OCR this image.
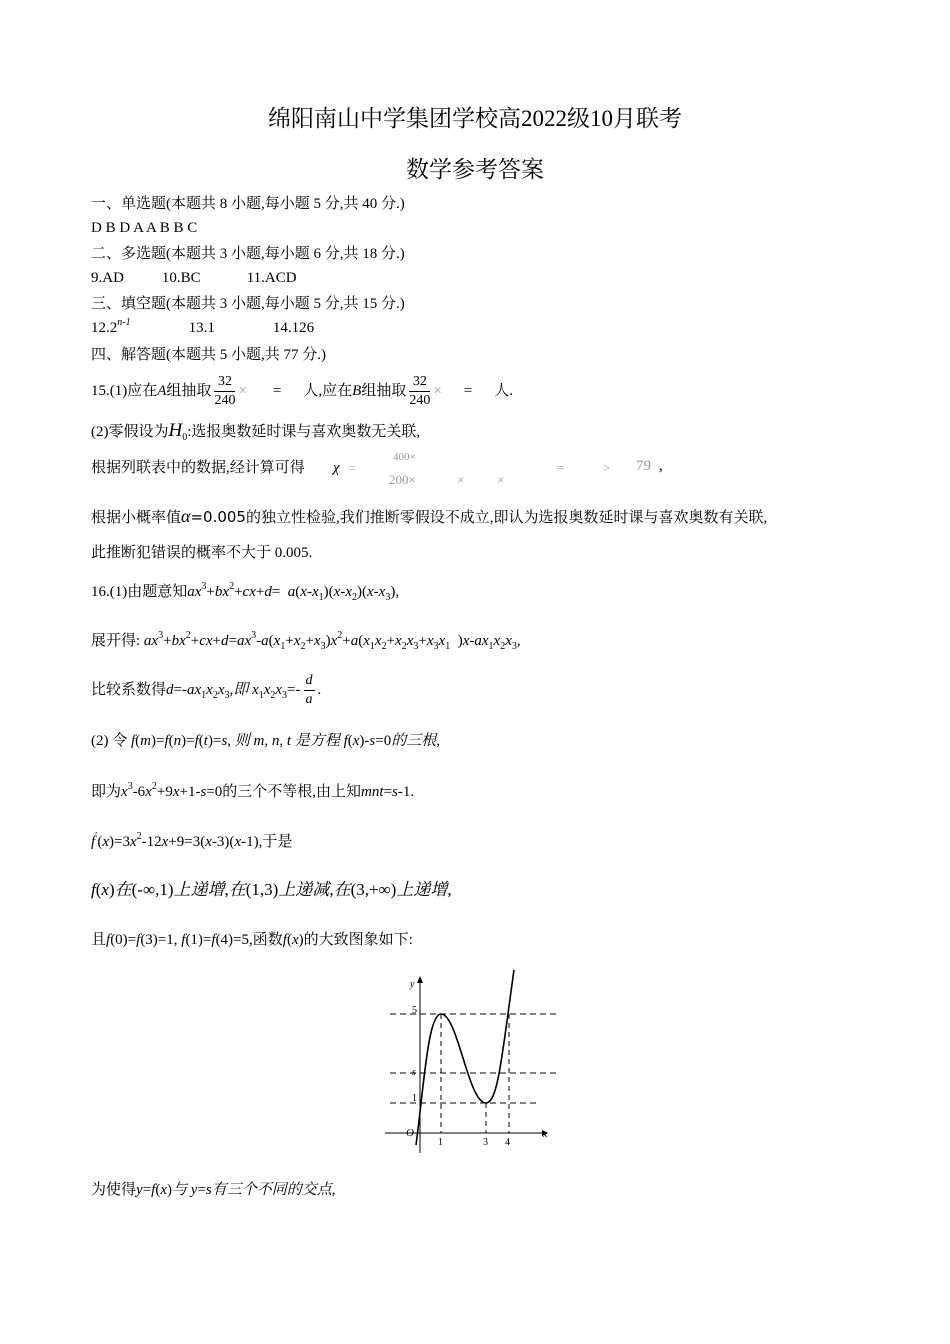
绵阳南山中学集团学校高2022级10月联考
数学参考答案
一、单选题(本题共 8 小题,每小题 5 分,共 40 分.)
D B D A A B B C
二、多选题(本题共 3 小题,每小题 6 分,共 18 分.)
9.AD	10.BC	11.ACD
三、填空题(本题共 3 小题,每小题 5 分,共 15 分.)
12.2$^{n-1}$	13.1	14.126
四、解答题(本题共 5 小题,共 77 分.)
15.(1)应在A组抽取 $\frac{32}{240}$ × = 人,应在B组抽取 $\frac{32}{240}$ × = 人.
(2)零假设为$H_0$:选报奥数延时课与喜欢奥数无关联,
根据列联表中的数据,经计算可得 χ =
400×
200×	×	×
=	> 79 ,
根据小概率值α=0.005的独立性检验,我们推断零假设不成立,即认为选报奥数延时课与喜欢奥数有关联,
此推断犯错误的概率不大于 0.005.
16.(1)由题意知$ax^3+bx^2+cx+d= a(x-x_1)(x-x_2)(x-x_3)$,
展开得: $ax^3+bx^2+cx+d=ax^3-a(x_1+x_2+x_3)x^2+a(x_1x_2+x_2x_3+x_3x_1$  )$x-ax_1x_2x_3$,
比较系数得$d=-ax_1x_2x_3$,即 $x_1x_2x_3=- \frac{d}{a}$ .
(2) 令 f(m)=f(n)=f(t)=s, 则 m, n, t 是方程 f(x)-s=0的三根,
即为$x^3-6x^2+9x+1-s=0$的三个不等根,由上知mnt=s-1.
$f'(x)=3x^2-12x+9=3(x-3)(x-1)$,于是
f(x)在(-∞,1)上递增,在(1,3)上递减,在(3,+∞)上递增,
且f(0)=f(3)=1, f(1)=f(4)=5,函数f(x)的大致图象如下:
y
x
O
5
s
1
1	3 4
为使得y=f(x)与 y=s有三个不同的交点,
